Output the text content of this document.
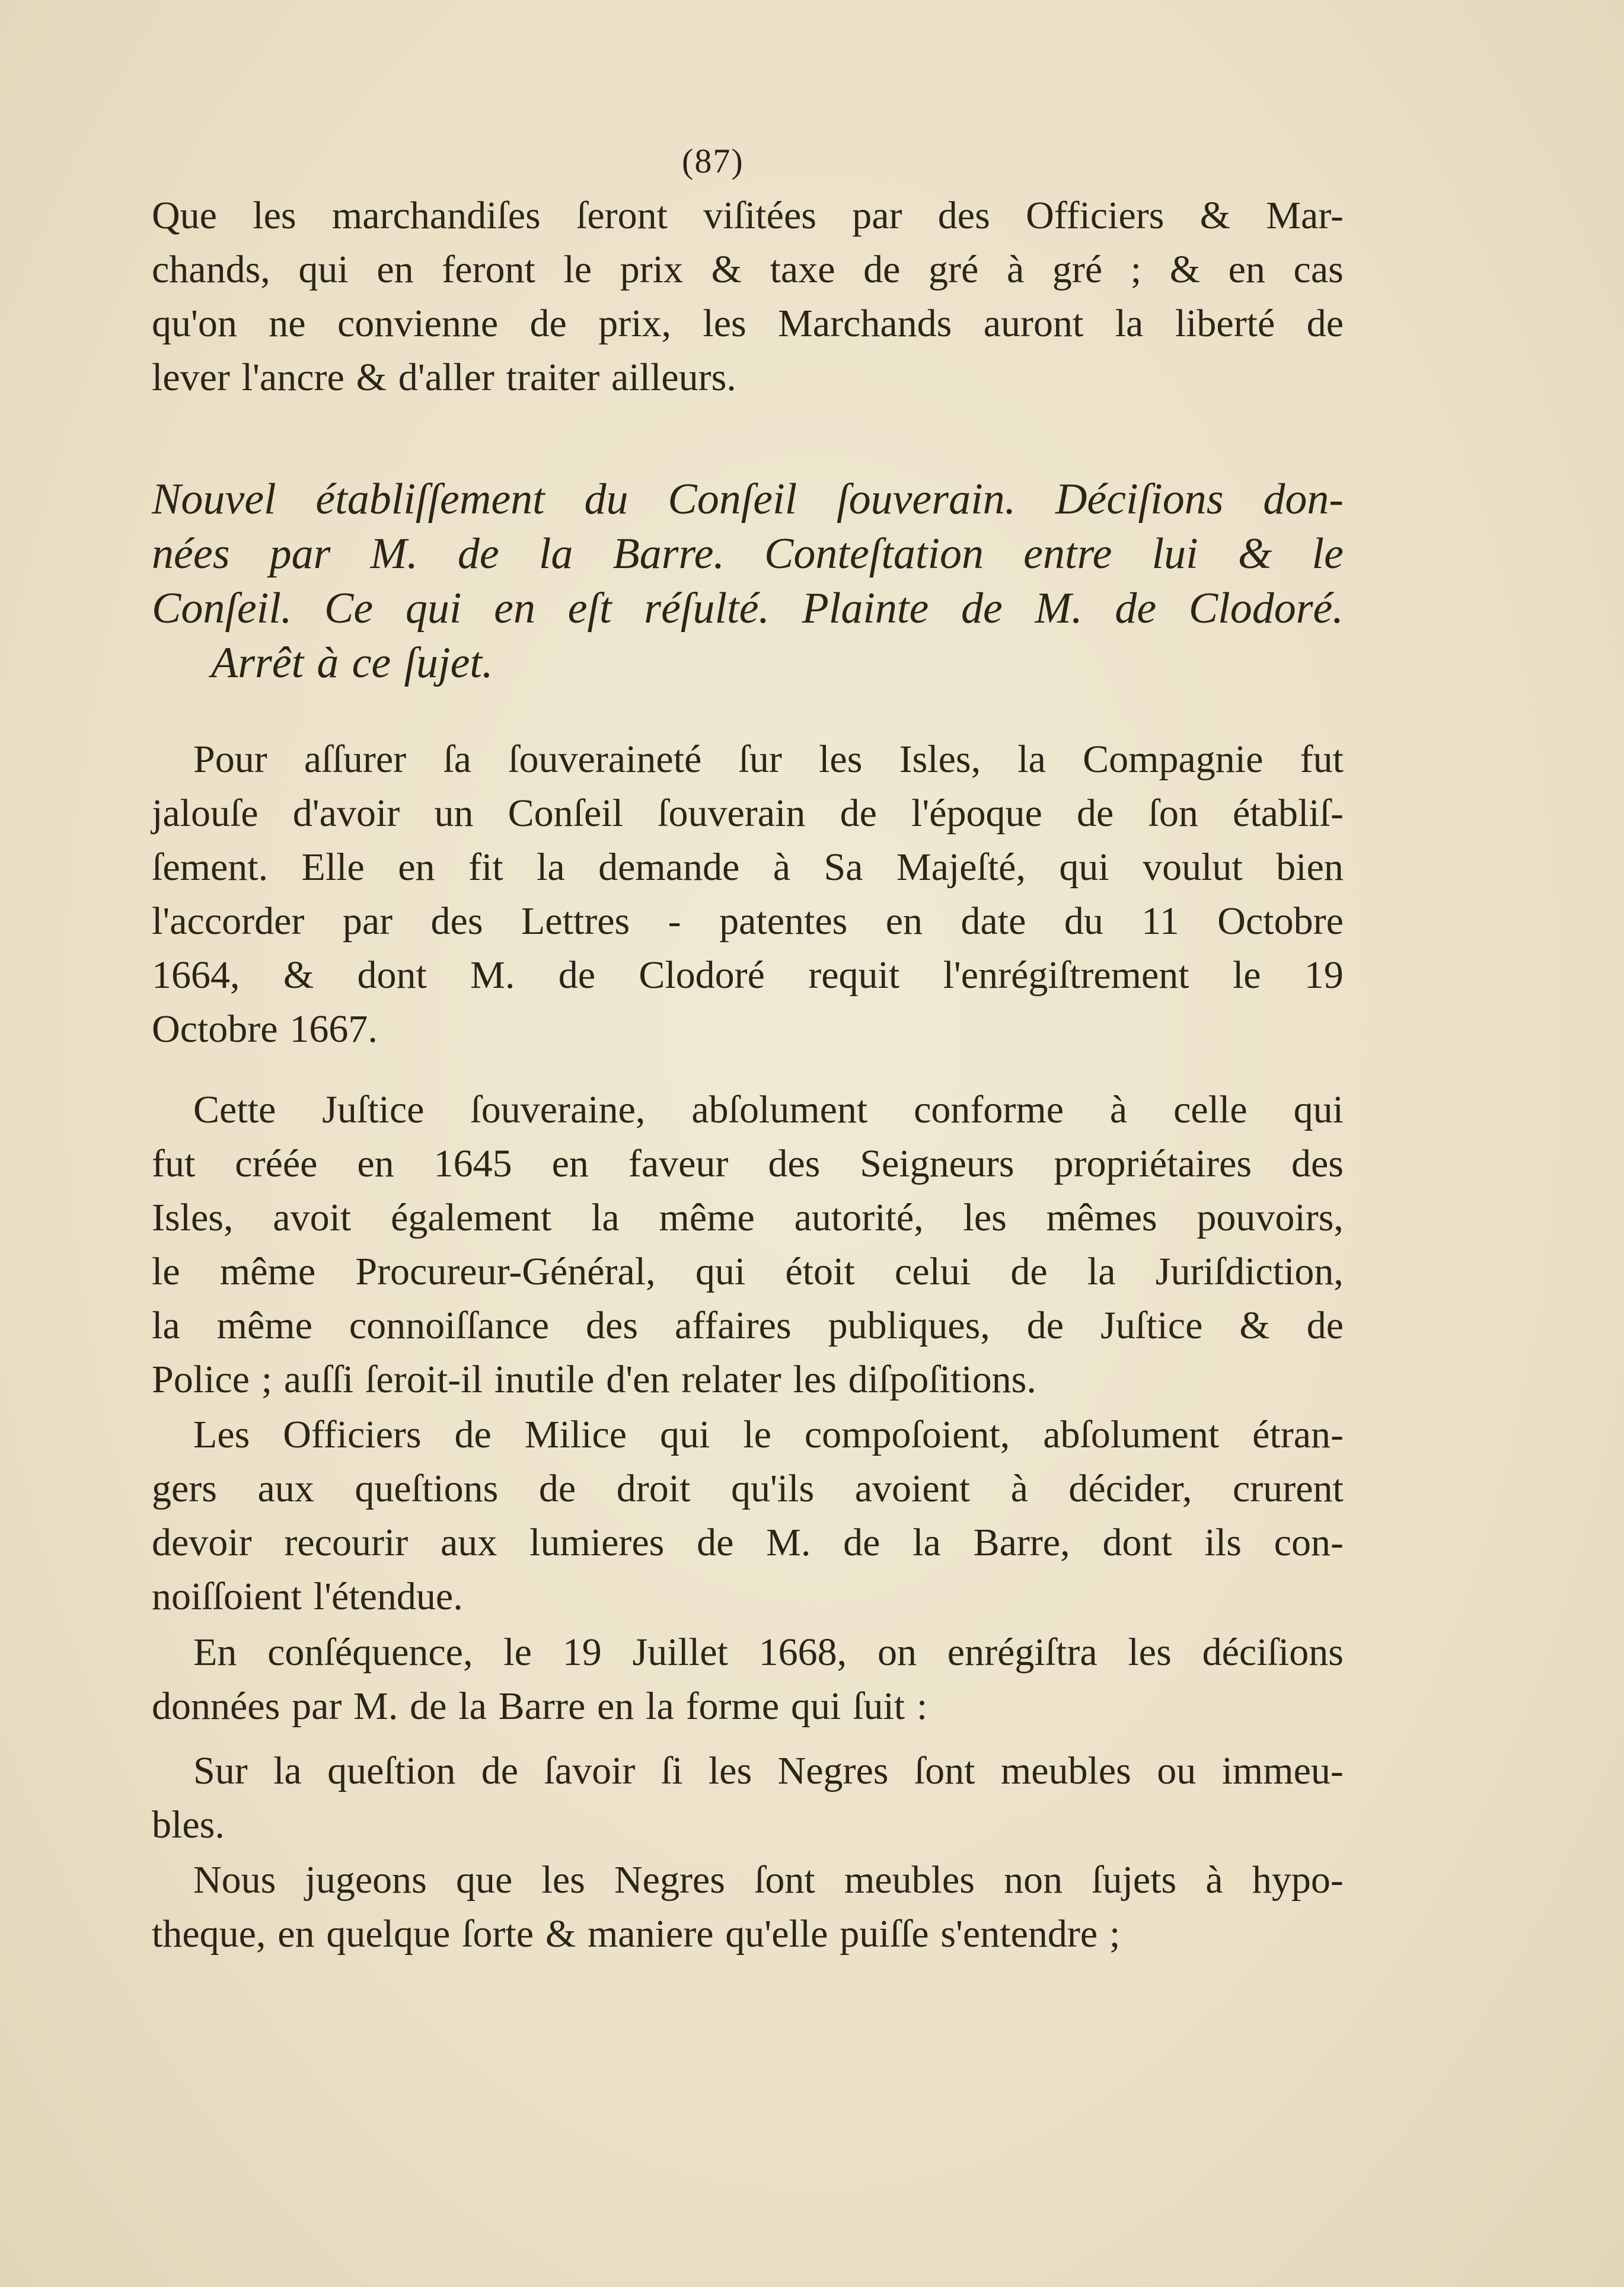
(87)
Que les marchandiſes ſeront viſitées par des Officiers & Mar-
chands, qui en feront le prix & taxe de gré à gré ; & en cas
qu'on ne convienne de prix, les Marchands auront la liberté de
lever l'ancre & d'aller traiter ailleurs.
Nouvel établiſſement du Conſeil ſouverain. Déciſions don-
nées par M. de la Barre. Conteſtation entre lui & le
Conſeil. Ce qui en eſt réſulté. Plainte de M. de Clodoré.
Arrêt à ce ſujet.
Pour aſſurer ſa ſouveraineté ſur les Isles, la Compagnie fut
jalouſe d'avoir un Conſeil ſouverain de l'époque de ſon établiſ-
ſement. Elle en fit la demande à Sa Majeſté, qui voulut bien
l'accorder par des Lettres - patentes en date du 11 Octobre
1664, & dont M. de Clodoré requit l'enrégiſtrement le 19
Octobre 1667.
Cette Juſtice ſouveraine, abſolument conforme à celle qui
fut créée en 1645 en faveur des Seigneurs propriétaires des
Isles, avoit également la même autorité, les mêmes pouvoirs,
le même Procureur-Général, qui étoit celui de la Juriſdiction,
la même connoiſſance des affaires publiques, de Juſtice & de
Police ; auſſi ſeroit-il inutile d'en relater les diſpoſitions.
Les Officiers de Milice qui le compoſoient, abſolument étran-
gers aux queſtions de droit qu'ils avoient à décider, crurent
devoir recourir aux lumieres de M. de la Barre, dont ils con-
noiſſoient l'étendue.
En conſéquence, le 19 Juillet 1668, on enrégiſtra les déciſions
données par M. de la Barre en la forme qui ſuit :
Sur la queſtion de ſavoir ſi les Negres ſont meubles ou immeu-
bles.
Nous jugeons que les Negres ſont meubles non ſujets à hypo-
theque, en quelque ſorte & maniere qu'elle puiſſe s'entendre ;
